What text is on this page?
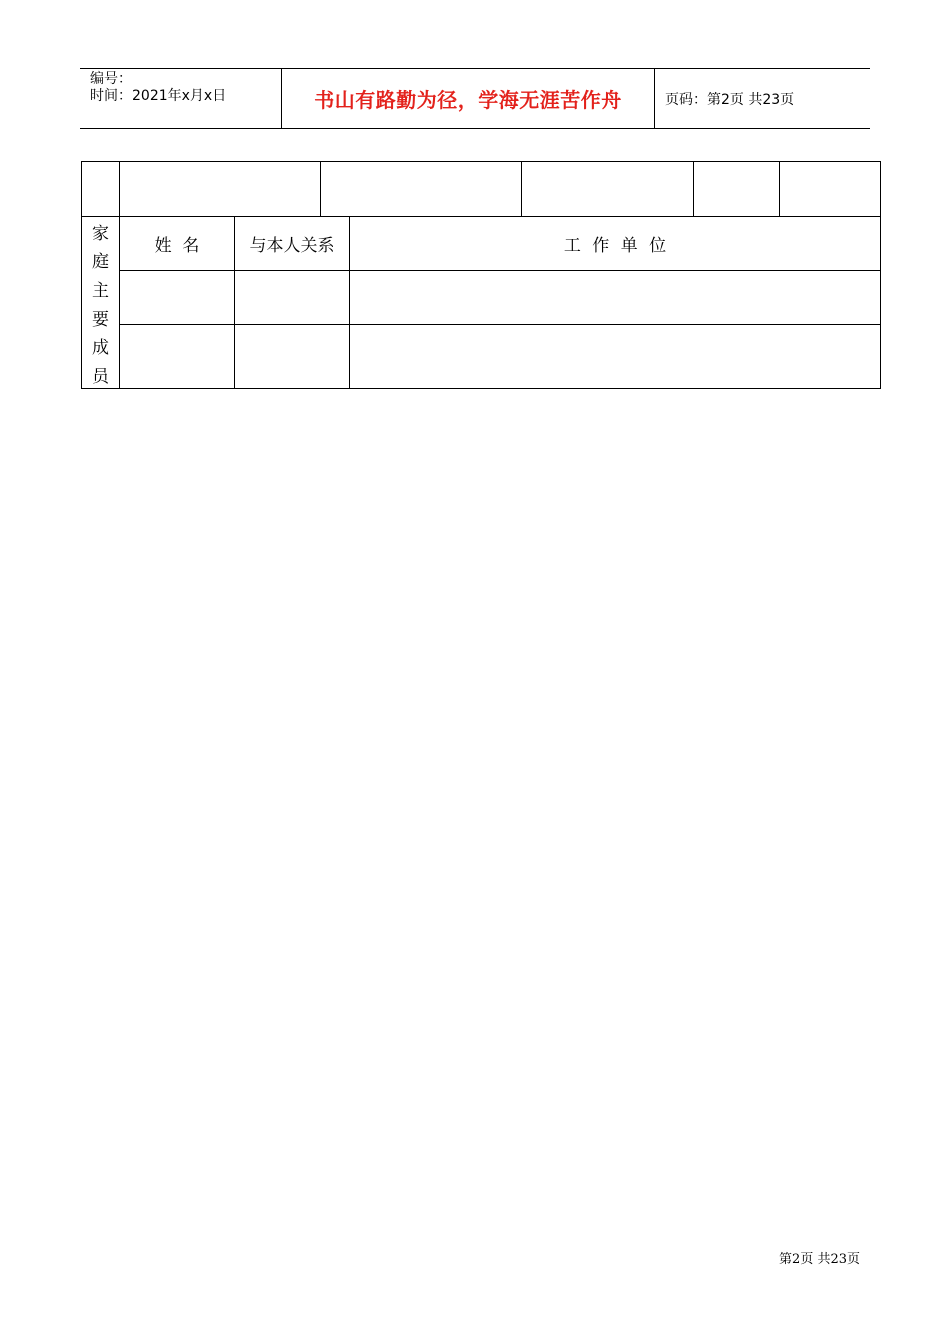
编号：
时间：2021年x月x日	书山有路勤为径，学海无涯苦作舟	页码：第2页 共23页
家
庭
主
要
成
员
姓  名	与本人关系	工 作 单 位
第2页 共23页
